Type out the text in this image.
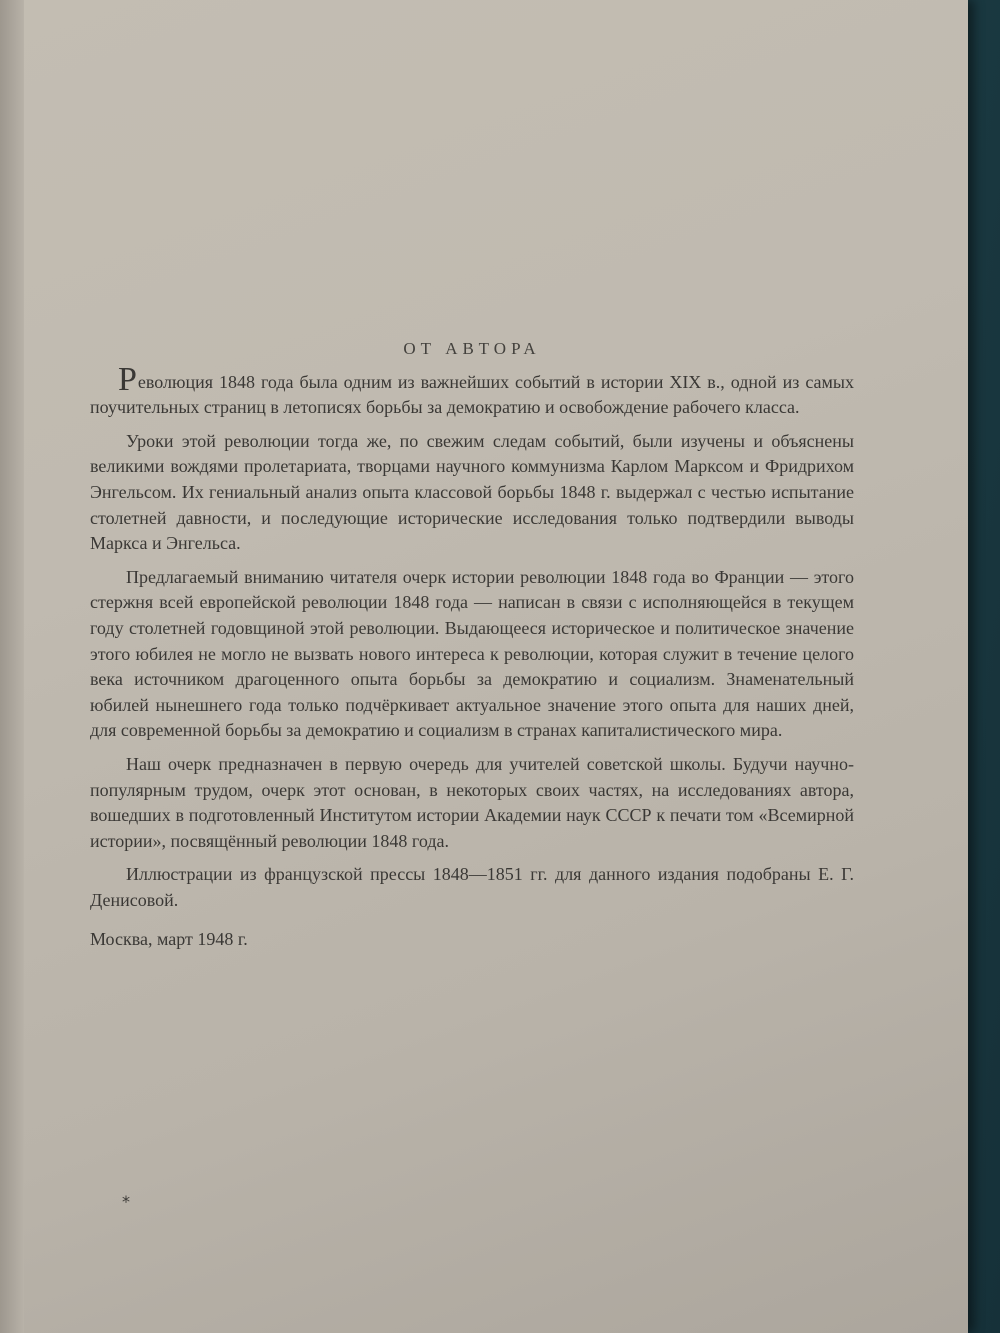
ОТ АВТОРА

Революция 1848 года была одним из важнейших событий в истории XIX в., одной из самых поучительных страниц в летописях борьбы за демократию и освобождение рабочего класса.

Уроки этой революции тогда же, по свежим следам событий, были изучены и объяснены великими вождями пролетариата, творцами научного коммунизма Карлом Марксом и Фридрихом Энгельсом. Их гениальный анализ опыта классовой борьбы 1848 г. выдержал с честью испытание столетней давности, и последующие исторические исследования только подтвердили выводы Маркса и Энгельса.

Предлагаемый вниманию читателя очерк истории революции 1848 года во Франции — этого стержня всей европейской революции 1848 года — написан в связи с исполняющейся в текущем году столетней годовщиной этой революции. Выдающееся историческое и политическое значение этого юбилея не могло не вызвать нового интереса к революции, которая служит в течение целого века источником драгоценного опыта борьбы за демократию и социализм. Знаменательный юбилей нынешнего года только подчёркивает актуальное значение этого опыта для наших дней, для современной борьбы за демократию и социализм в странах капиталистического мира.

Наш очерк предназначен в первую очередь для учителей советской школы. Будучи научно-популярным трудом, очерк этот основан, в некоторых своих частях, на исследованиях автора, вошедших в подготовленный Институтом истории Академии наук СССР к печати том «Всемирной истории», посвящённый революции 1848 года.

Иллюстрации из французской прессы 1848—1851 гг. для данного издания подобраны Е. Г. Денисовой.

Москва, март 1948 г.

*
